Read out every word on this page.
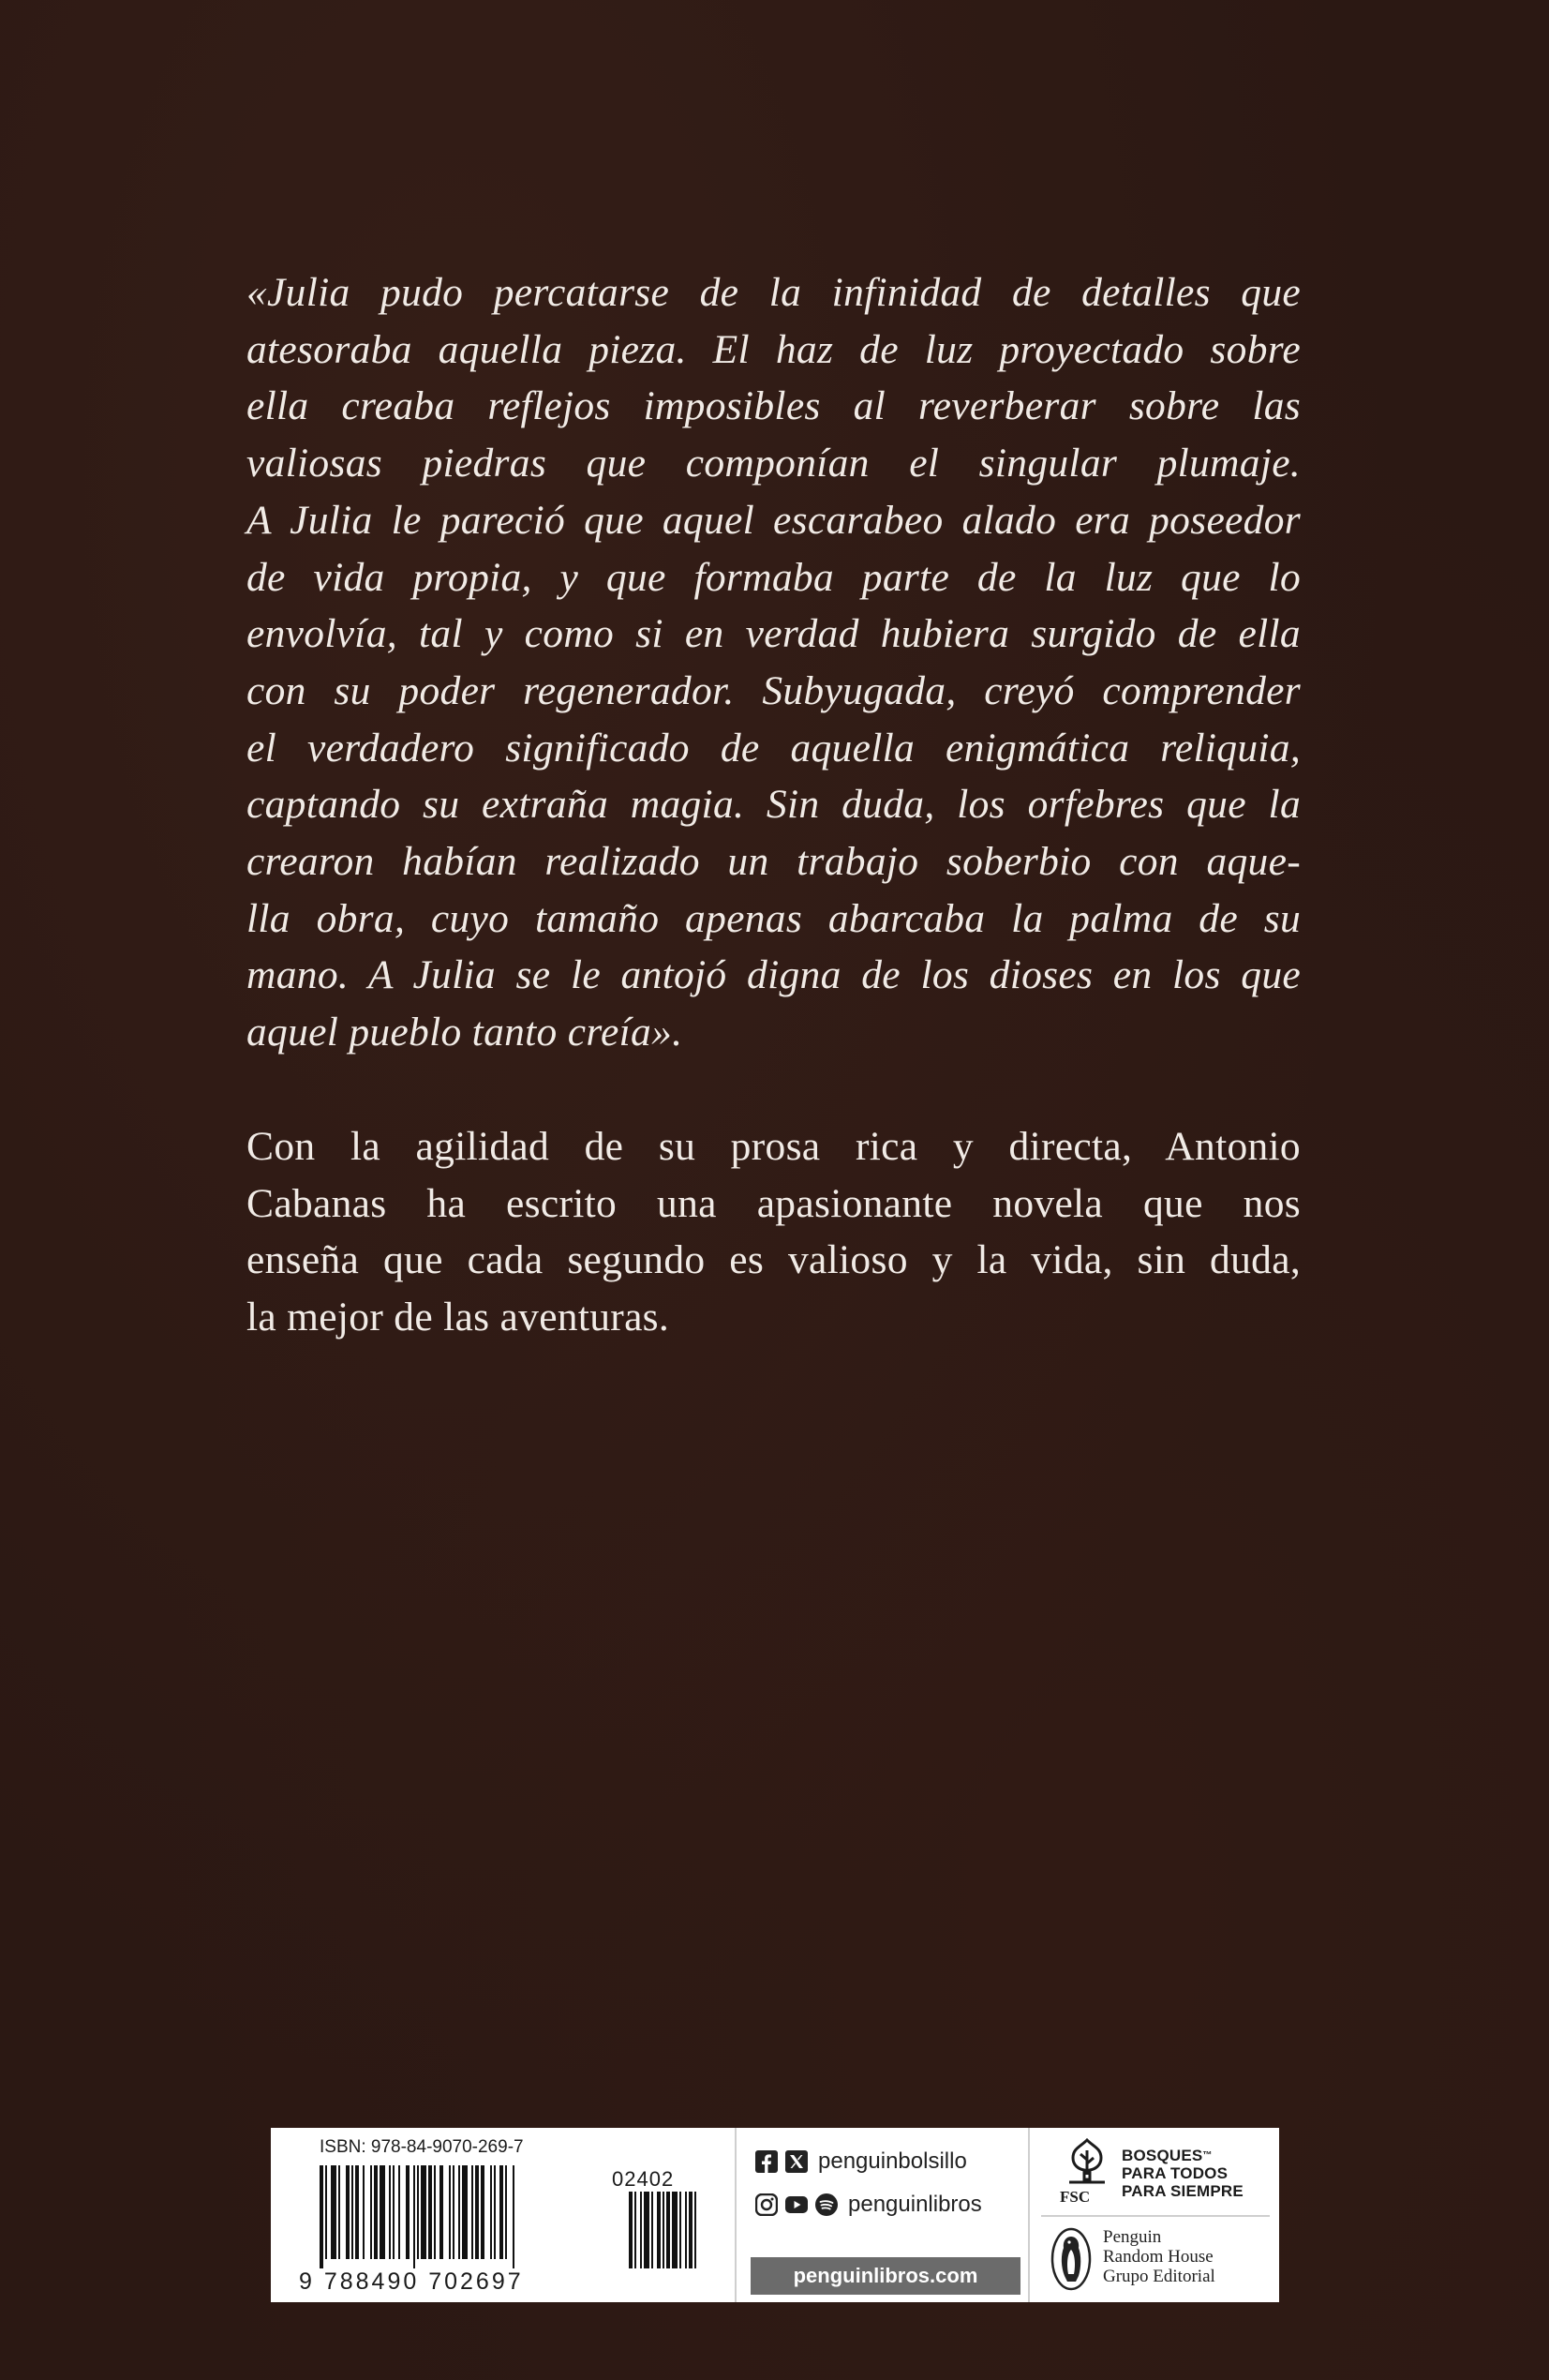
«Julia pudo percatarse de la infinidad de detalles que
atesoraba aquella pieza. El haz de luz proyectado sobre
ella creaba reflejos imposibles al reverberar sobre las
valiosas piedras que componían el singular plumaje.
A Julia le pareció que aquel escarabeo alado era poseedor
de vida propia, y que formaba parte de la luz que lo
envolvía, tal y como si en verdad hubiera surgido de ella
con su poder regenerador. Subyugada, creyó comprender
el verdadero significado de aquella enigmática reliquia,
captando su extraña magia. Sin duda, los orfebres que la
crearon habían realizado un trabajo soberbio con aque-
lla obra, cuyo tamaño apenas abarcaba la palma de su
mano. A Julia se le antojó digna de los dioses en los que
aquel pueblo tanto creía».
Con la agilidad de su prosa rica y directa, Antonio
Cabanas ha escrito una apasionante novela que nos
enseña que cada segundo es valioso y la vida, sin duda,
la mejor de las aventuras.
ISBN: 978-84-9070-269-7
02402
9 788490 702697
penguinbolsillo
penguinlibros
penguinlibros.com
FSC
BOSQUES™
PARA TODOS
PARA SIEMPRE
Penguin
Random House
Grupo Editorial
